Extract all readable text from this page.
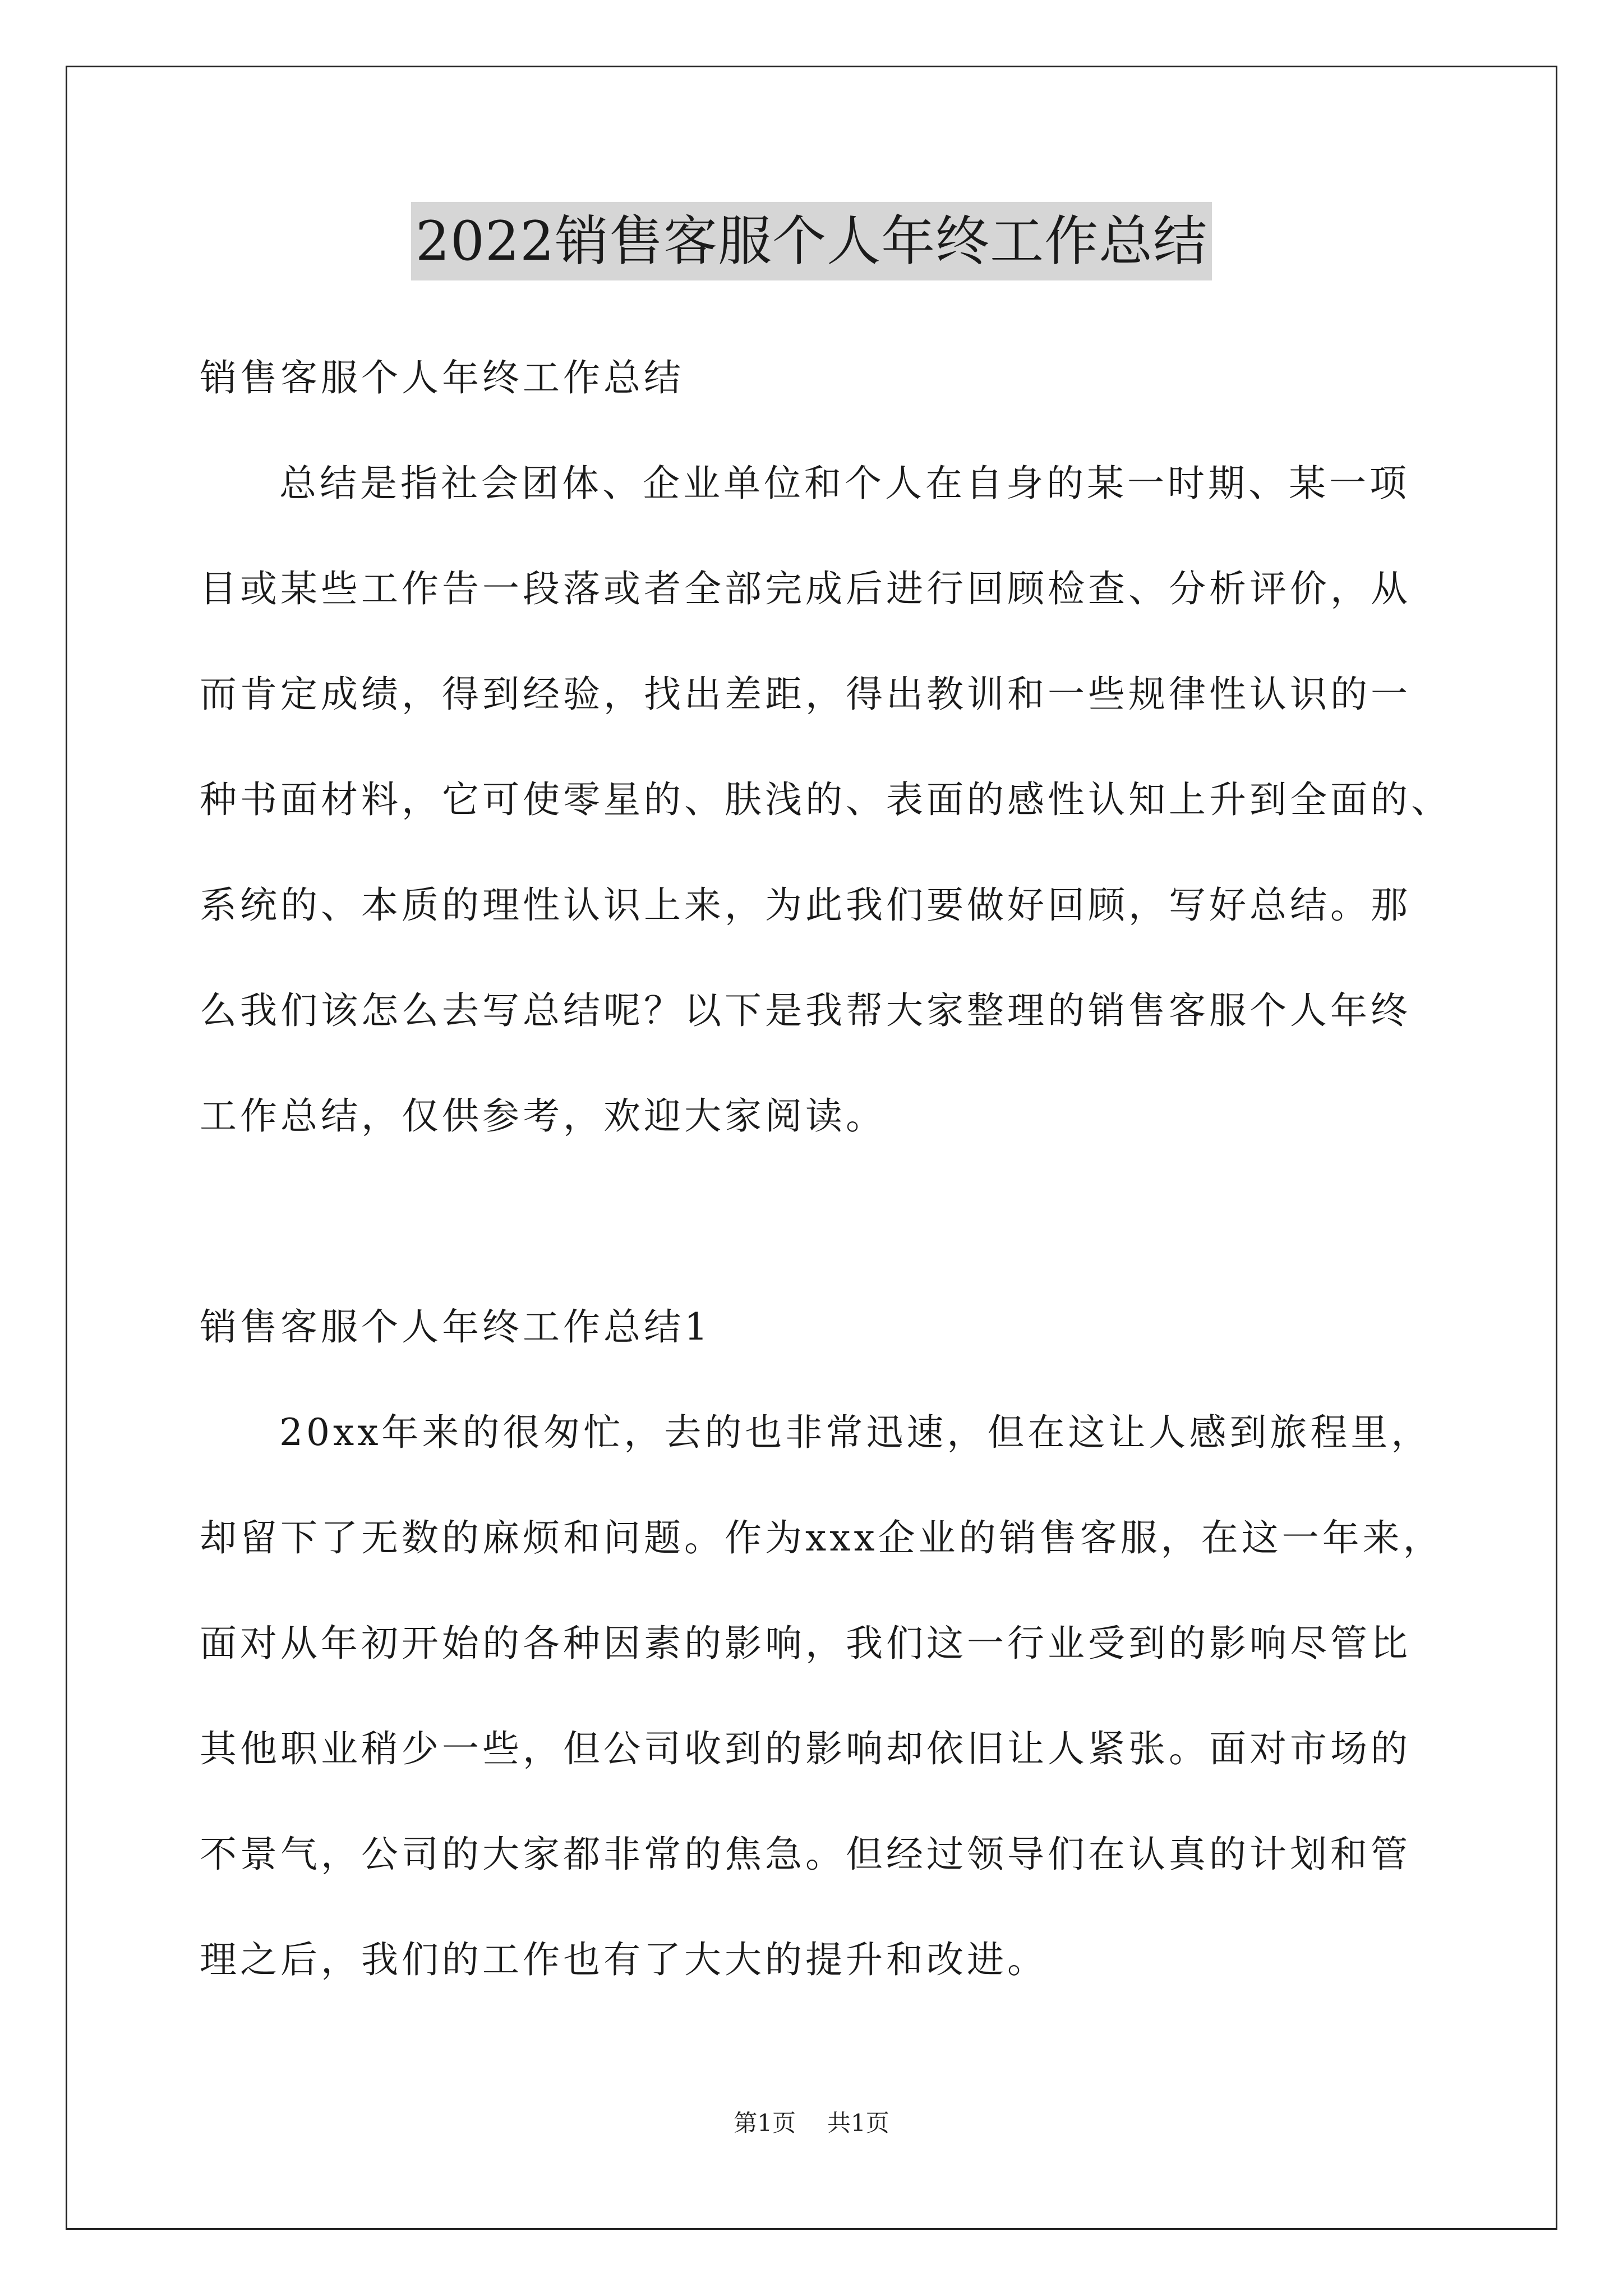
2022销售客服个人年终工作总结
销售客服个人年终工作总结
总结是指社会团体、企业单位和个人在自身的某一时期、某一项
目或某些工作告一段落或者全部完成后进行回顾检查、分析评价，从
而肯定成绩，得到经验，找出差距，得出教训和一些规律性认识的一
种书面材料，它可使零星的、肤浅的、表面的感性认知上升到全面的、
系统的、本质的理性认识上来，为此我们要做好回顾，写好总结。那
么我们该怎么去写总结呢？以下是我帮大家整理的销售客服个人年终
工作总结，仅供参考，欢迎大家阅读。
销售客服个人年终工作总结1
20xx年来的很匆忙，去的也非常迅速，但在这让人感到旅程里，
却留下了无数的麻烦和问题。作为xxx企业的销售客服，在这一年来，
面对从年初开始的各种因素的影响，我们这一行业受到的影响尽管比
其他职业稍少一些，但公司收到的影响却依旧让人紧张。面对市场的
不景气，公司的大家都非常的焦急。但经过领导们在认真的计划和管
理之后，我们的工作也有了大大的提升和改进。
第1页 共1页
